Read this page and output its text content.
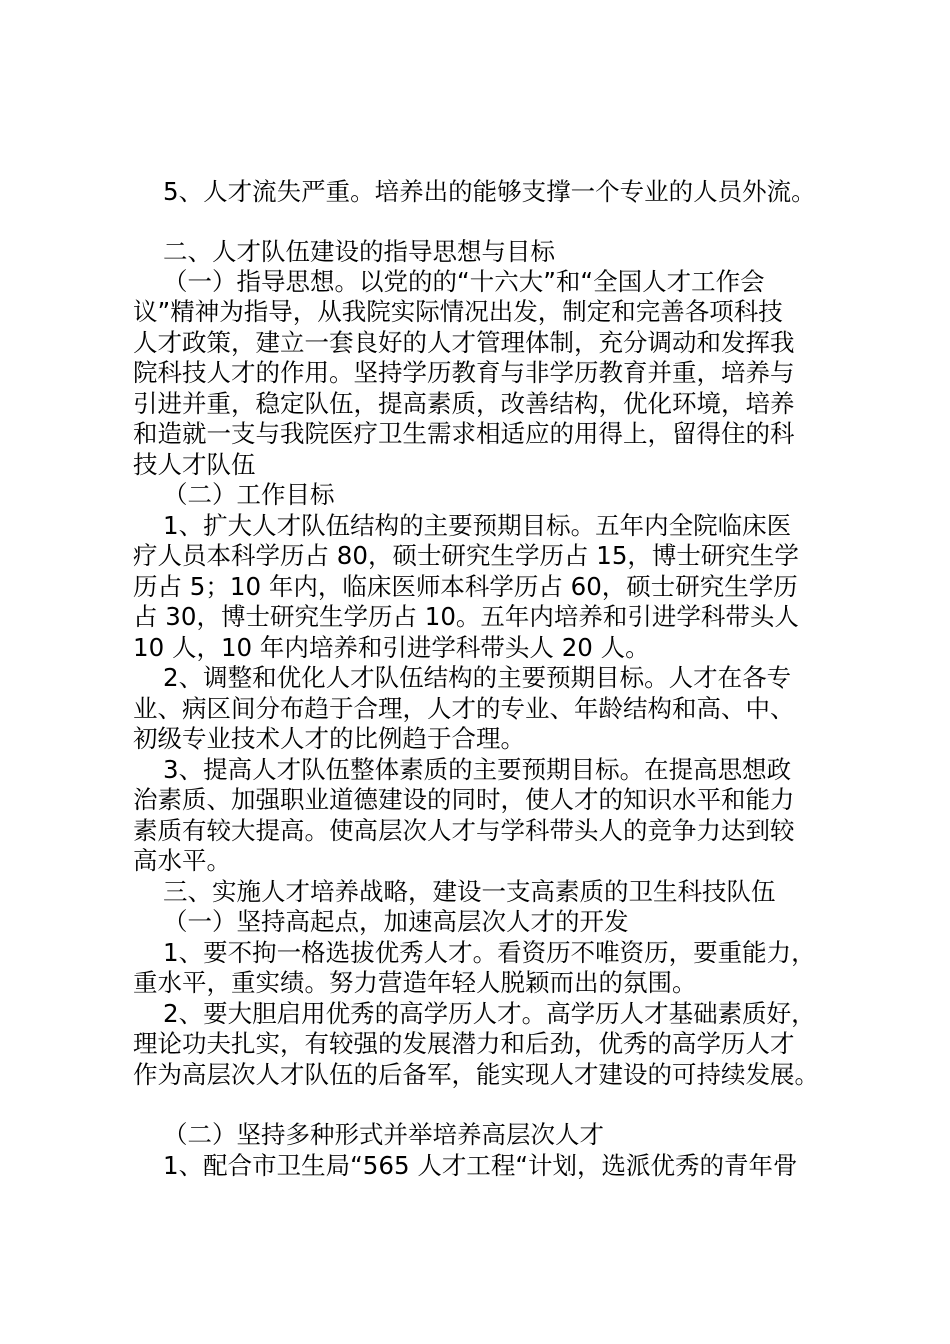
5、人才流失严重。培养出的能够支撑一个专业的人员外流。
二、人才队伍建设的指导思想与目标
（一）指导思想。以党的的“十六大”和“全国人才工作会
议”精神为指导，从我院实际情况出发，制定和完善各项科技
人才政策，建立一套良好的人才管理体制，充分调动和发挥我
院科技人才的作用。坚持学历教育与非学历教育并重，培养与
引进并重，稳定队伍，提高素质，改善结构，优化环境，培养
和造就一支与我院医疗卫生需求相适应的用得上，留得住的科
技人才队伍
（二）工作目标
1、扩大人才队伍结构的主要预期目标。五年内全院临床医
疗人员本科学历占 80，硕士研究生学历占 15，博士研究生学
历占 5；10 年内，临床医师本科学历占 60，硕士研究生学历
占 30，博士研究生学历占 10。五年内培养和引进学科带头人
10 人，10 年内培养和引进学科带头人 20 人。
2、调整和优化人才队伍结构的主要预期目标。人才在各专
业、病区间分布趋于合理，人才的专业、年龄结构和高、中、
初级专业技术人才的比例趋于合理。
3、提高人才队伍整体素质的主要预期目标。在提高思想政
治素质、加强职业道德建设的同时，使人才的知识水平和能力
素质有较大提高。使高层次人才与学科带头人的竞争力达到较
高水平。
三、实施人才培养战略，建设一支高素质的卫生科技队伍
（一）坚持高起点，加速高层次人才的开发
1、要不拘一格选拔优秀人才。看资历不唯资历，要重能力，
重水平，重实绩。努力营造年轻人脱颖而出的氛围。
2、要大胆启用优秀的高学历人才。高学历人才基础素质好，
理论功夫扎实，有较强的发展潜力和后劲，优秀的高学历人才
作为高层次人才队伍的后备军，能实现人才建设的可持续发展。
（二）坚持多种形式并举培养高层次人才
1、配合市卫生局“565 人才工程“计划，选派优秀的青年骨
